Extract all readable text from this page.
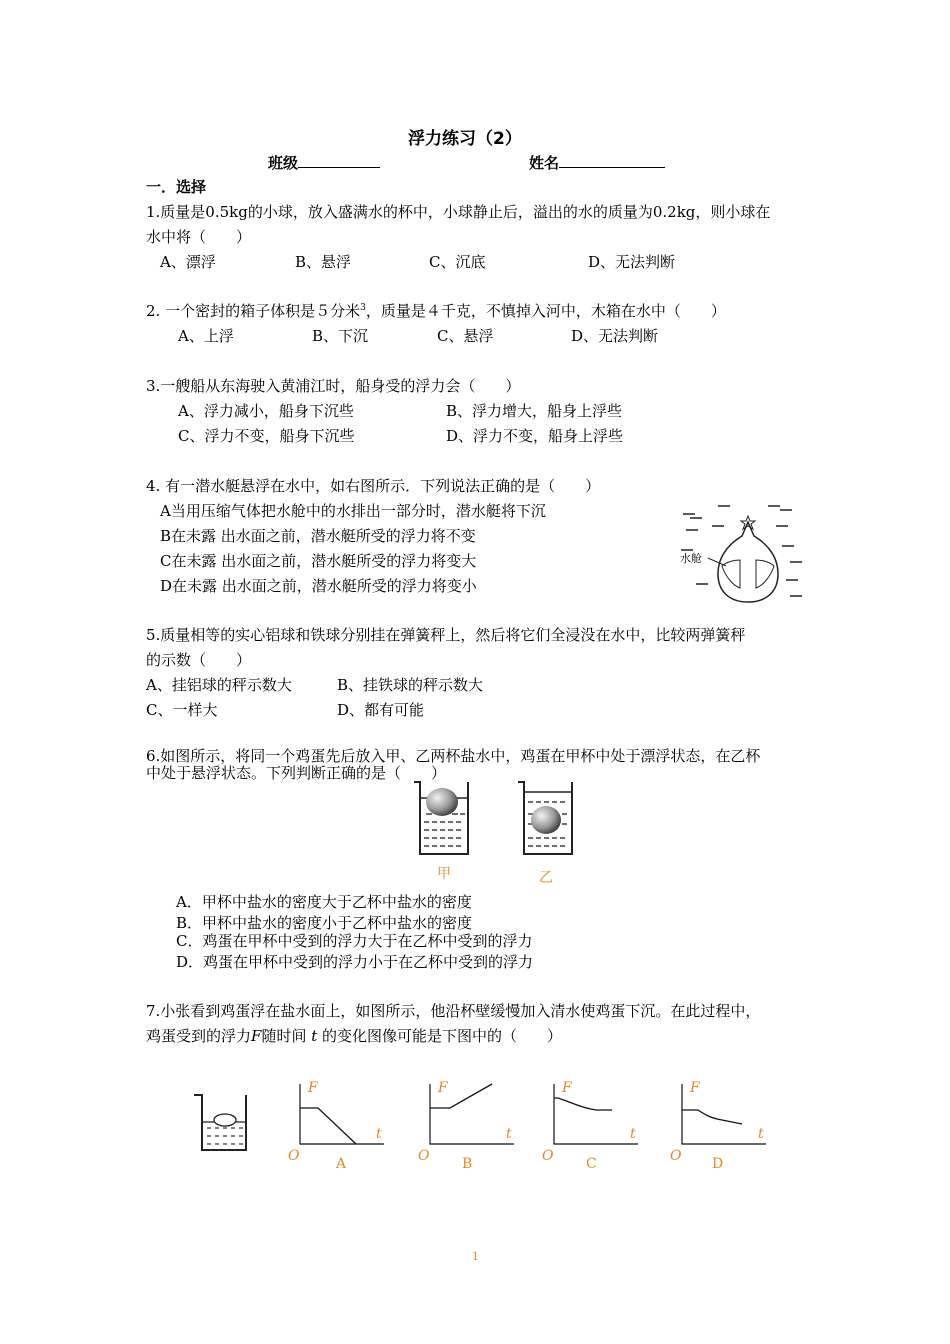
浮力练习（2）
班级	姓名
一．选择
1.质量是0.5kg的小球，放入盛满水的杯中，小球静止后，溢出的水的质量为0.2kg，则小球在
水中将（　　）
A、漂浮	B、悬浮	C、沉底	D、无法判断
2. 一个密封的箱子体积是５分米$^3$，质量是４千克，不慎掉入河中，木箱在水中（　　）
A、上浮	B、下沉	C、悬浮	D、无法判断
3.一艘船从东海驶入黄浦江时，船身受的浮力会（　　）
A、浮力减小，船身下沉些	B、浮力增大，船身上浮些
C、浮力不变，船身下沉些	D、浮力不变，船身上浮些
4. 有一潜水艇悬浮在水中，如右图所示．下列说法正确的是（　　）
A当用压缩气体把水舱中的水排出一部分时，潜水艇将下沉
B在未露 出水面之前，潜水艇所受的浮力将不变
C在未露 出水面之前，潜水艇所受的浮力将变大
D在未露 出水面之前，潜水艇所受的浮力将变小
水舱
5.质量相等的实心铝球和铁球分别挂在弹簧秤上，然后将它们全浸没在水中，比较两弹簧秤
的示数（　　）
A、挂铝球的秤示数大	B、挂铁球的秤示数大
C、一样大	D、都有可能
6.如图所示，将同一个鸡蛋先后放入甲、乙两杯盐水中，鸡蛋在甲杯中处于漂浮状态，在乙杯
中处于悬浮状态。下列判断正确的是（　　）
甲	乙
A．甲杯中盐水的密度大于乙杯中盐水的密度
B．甲杯中盐水的密度小于乙杯中盐水的密度
C．鸡蛋在甲杯中受到的浮力大于在乙杯中受到的浮力
D．鸡蛋在甲杯中受到的浮力小于在乙杯中受到的浮力
7.小张看到鸡蛋浮在盐水面上，如图所示，他沿杯壁缓慢加入清水使鸡蛋下沉。在此过程中，
鸡蛋受到的浮力F随时间 t 的变化图像可能是下图中的（　　）
F
t
O	A
F
t
O B
F
t
O C
F
t
O D
1
